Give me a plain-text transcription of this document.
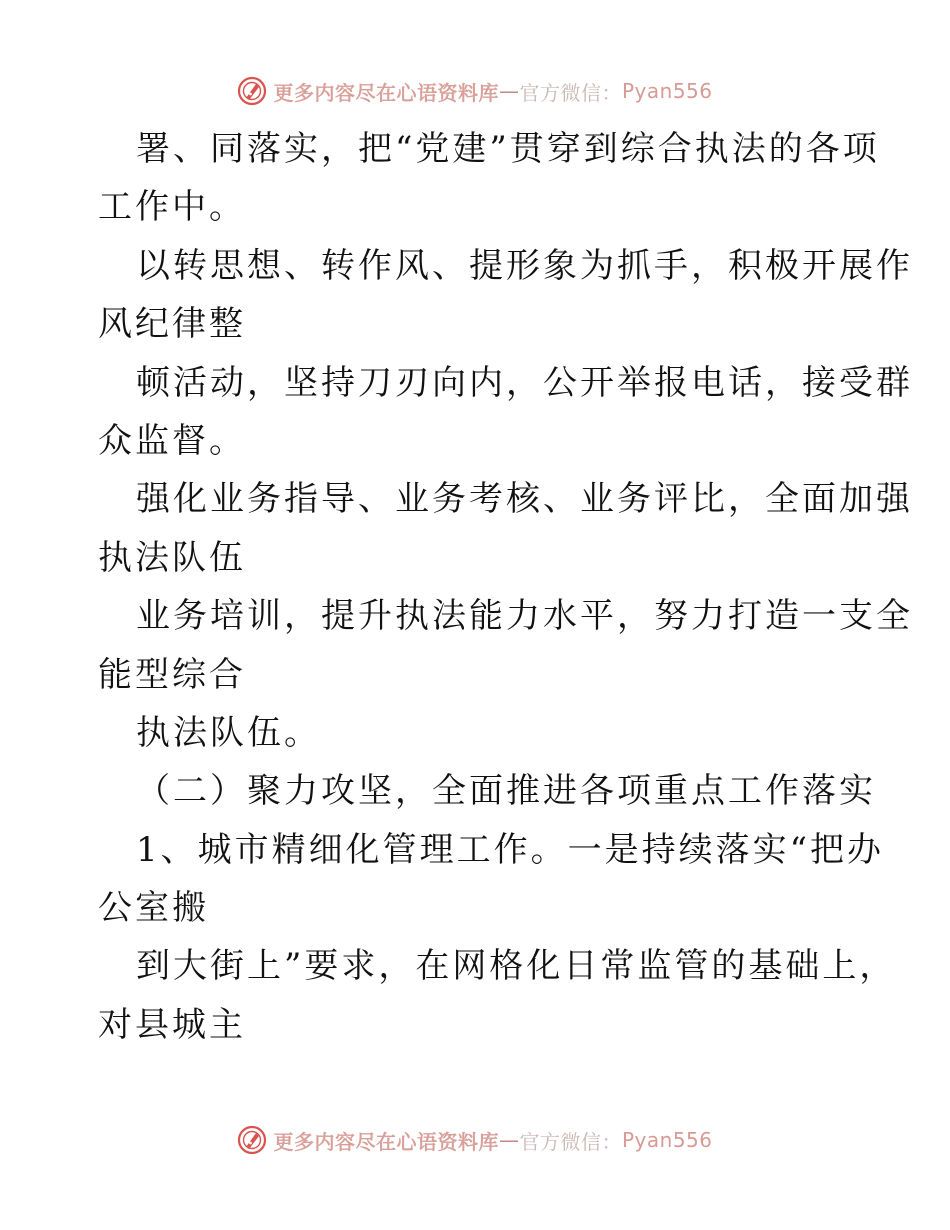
更多内容尽在心语资料库 — 官方微信： Pyan556
署、同落实，把“党建”贯穿到综合执法的各项
工作中。
以转思想、转作风、提形象为抓手，积极开展作
风纪律整
顿活动，坚持刀刃向内，公开举报电话，接受群
众监督。
强化业务指导、业务考核、业务评比，全面加强
执法队伍
业务培训，提升执法能力水平，努力打造一支全
能型综合
执法队伍。
（二）聚力攻坚，全面推进各项重点工作落实
1、城市精细化管理工作。一是持续落实“把办
公室搬
到大街上”要求，在网格化日常监管的基础上，
对县城主
更多内容尽在心语资料库 — 官方微信： Pyan556
